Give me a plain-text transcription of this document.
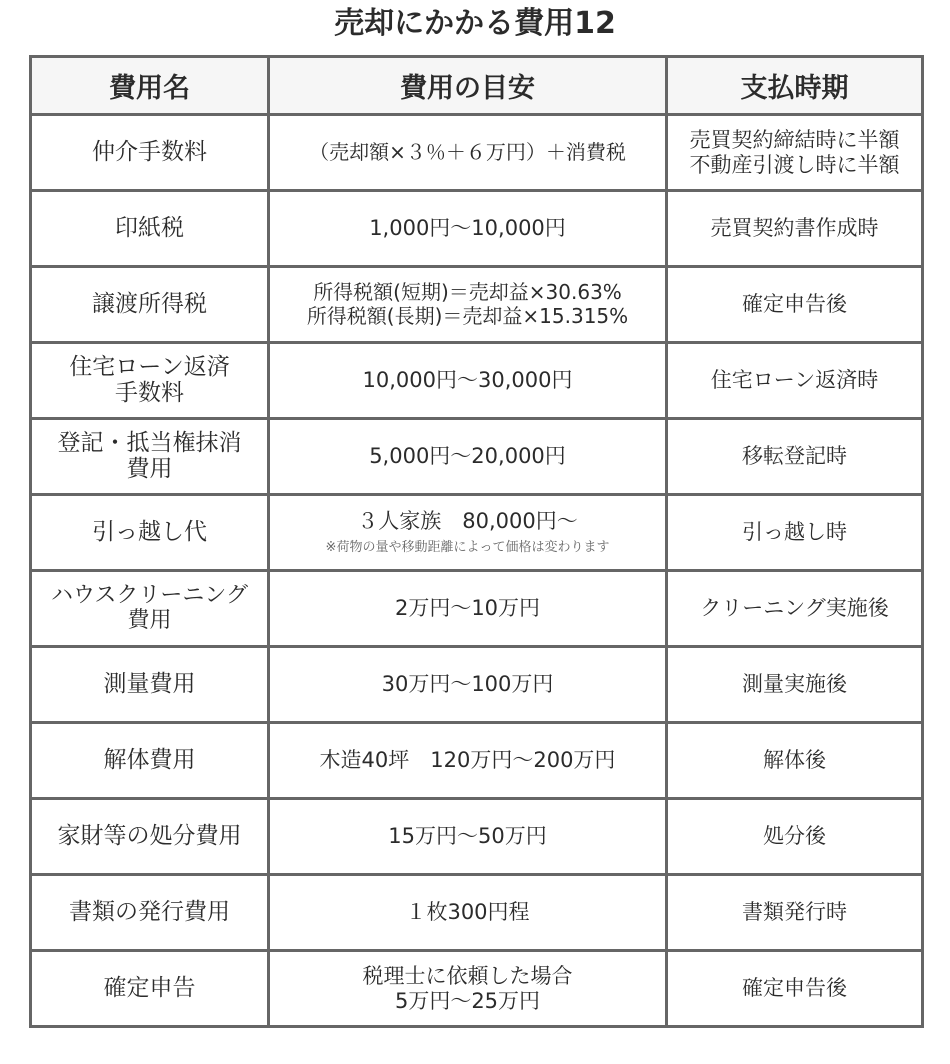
売却にかかる費用12
費用名	費用の目安	支払時期

仲介手数料	（売却額×３％＋６万円）＋消費税	売買契約締結時に半額
不動産引渡し時に半額

印紙税	1,000円〜10,000円	売買契約書作成時

譲渡所得税	所得税額(短期)＝売却益×30.63%
所得税額(長期)＝売却益×15.315%	確定申告後

住宅ローン返済
手数料	10,000円〜30,000円	住宅ローン返済時

登記・抵当権抹消
費用	5,000円〜20,000円	移転登記時

引っ越し代	３人家族　80,000円〜
※荷物の量や移動距離によって価格は変わります	引っ越し時

ハウスクリーニング
費用	2万円〜10万円	クリーニング実施後

測量費用	30万円〜100万円	測量実施後

解体費用	木造40坪　120万円〜200万円	解体後

家財等の処分費用	15万円〜50万円	処分後

書類の発行費用	１枚300円程	書類発行時

確定申告	税理士に依頼した場合
5万円〜25万円	確定申告後
